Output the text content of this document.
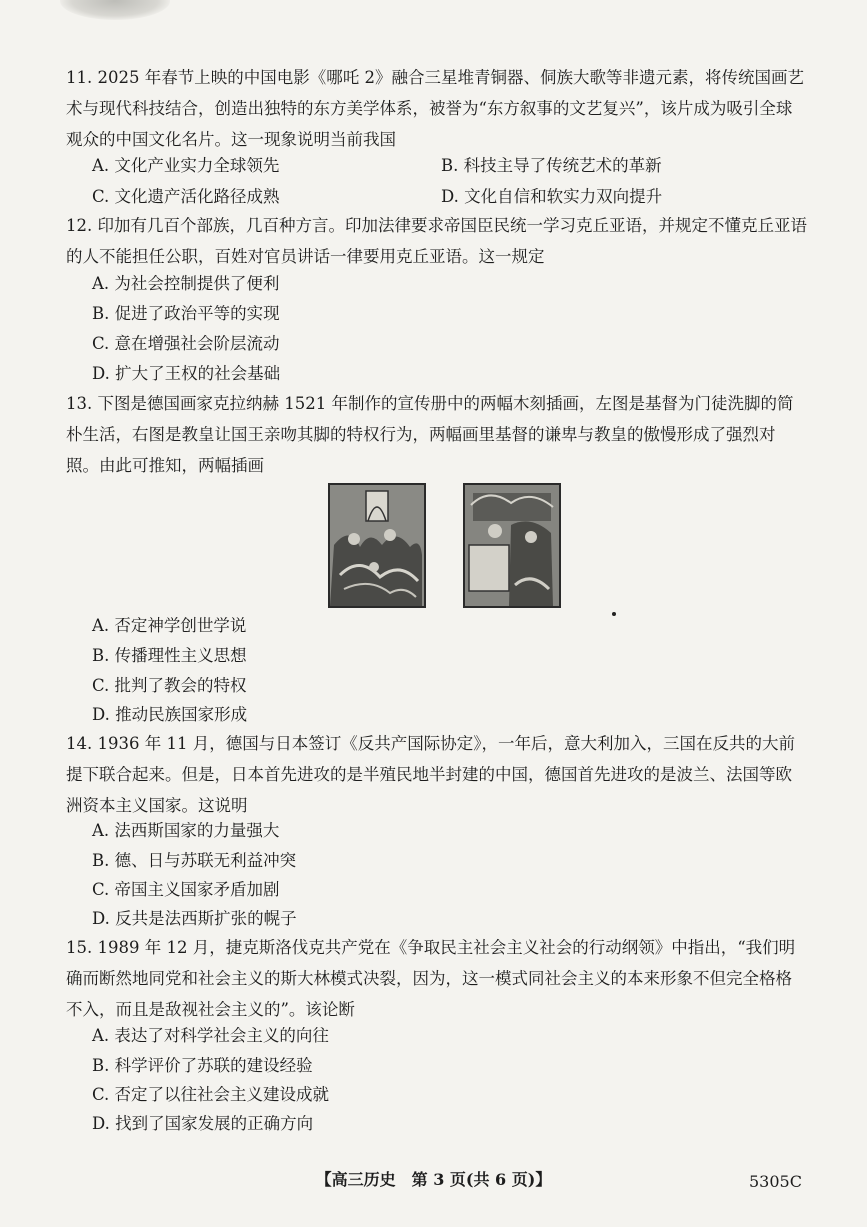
11. 2025 年春节上映的中国电影《哪吒 2》融合三星堆青铜器、侗族大歌等非遗元素，将传统国画艺术与现代科技结合，创造出独特的东方美学体系，被誉为“东方叙事的文艺复兴”，该片成为吸引全球观众的中国文化名片。这一现象说明当前我国
A. 文化产业实力全球领先	B. 科技主导了传统艺术的革新
C. 文化遗产活化路径成熟	D. 文化自信和软实力双向提升
12. 印加有几百个部族，几百种方言。印加法律要求帝国臣民统一学习克丘亚语，并规定不懂克丘亚语的人不能担任公职，百姓对官员讲话一律要用克丘亚语。这一规定
A. 为社会控制提供了便利
B. 促进了政治平等的实现
C. 意在增强社会阶层流动
D. 扩大了王权的社会基础
13. 下图是德国画家克拉纳赫 1521 年制作的宣传册中的两幅木刻插画，左图是基督为门徒洗脚的简朴生活，右图是教皇让国王亲吻其脚的特权行为，两幅画里基督的谦卑与教皇的傲慢形成了强烈对照。由此可推知，两幅插画
A. 否定神学创世学说
B. 传播理性主义思想
C. 批判了教会的特权
D. 推动民族国家形成
14. 1936 年 11 月，德国与日本签订《反共产国际协定》，一年后，意大利加入，三国在反共的大前提下联合起来。但是，日本首先进攻的是半殖民地半封建的中国，德国首先进攻的是波兰、法国等欧洲资本主义国家。这说明
A. 法西斯国家的力量强大
B. 德、日与苏联无利益冲突
C. 帝国主义国家矛盾加剧
D. 反共是法西斯扩张的幌子
15. 1989 年 12 月，捷克斯洛伐克共产党在《争取民主社会主义社会的行动纲领》中指出，“我们明确而断然地同党和社会主义的斯大林模式决裂，因为，这一模式同社会主义的本来形象不但完全格格不入，而且是敌视社会主义的”。该论断
A. 表达了对科学社会主义的向往
B. 科学评价了苏联的建设经验
C. 否定了以往社会主义建设成就
D. 找到了国家发展的正确方向
【高三历史　第 3 页(共 6 页)】	5305C
